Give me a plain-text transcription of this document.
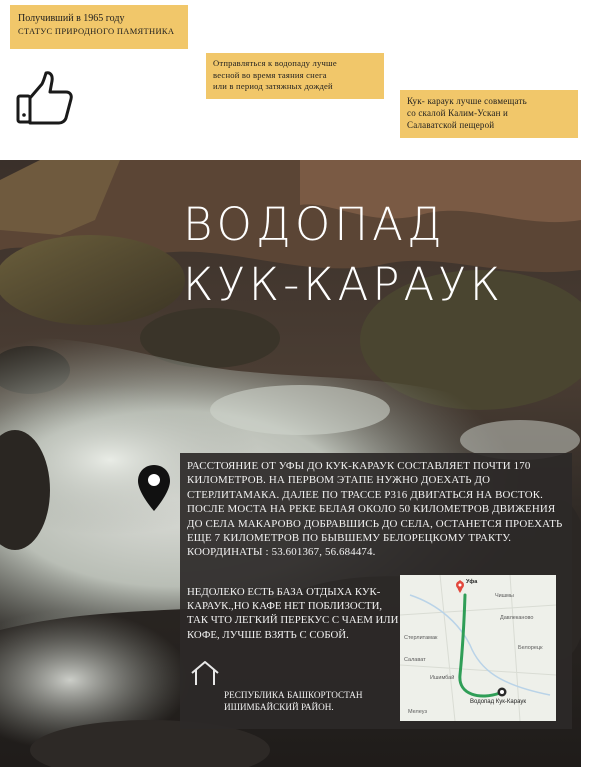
Получивший в 1965 году
СТАТУС ПРИРОДНОГО ПАМЯТНИКА
Отправляться к водопаду лучше
весной во время таяния снега
или в период затяжных дождей
Кук- караук лучше совмещать
со скалой Калим-Ускан и
Салаватской пещерой
ВОДОПАД
КУК-КАРАУК
РАССТОЯНИЕ ОТ УФЫ ДО КУК-КАРАУК СОСТАВЛЯЕТ ПОЧТИ 170 КИЛОМЕТРОВ. НА ПЕРВОМ ЭТАПЕ НУЖНО ДОЕХАТЬ ДО СТЕРЛИТАМАКА. ДАЛЕЕ ПО ТРАССЕ Р316 ДВИГАТЬСЯ НА ВОСТОК. ПОСЛЕ МОСТА НА РЕКЕ БЕЛАЯ ОКОЛО 50 КИЛОМЕТРОВ ДВИЖЕНИЯ ДО СЕЛА МАКАРОВО ДОБРАВШИСЬ ДО СЕЛА, ОСТАНЕТСЯ ПРОЕХАТЬ ЕЩЕ 7 КИЛОМЕТРОВ ПО БЫВШЕМУ БЕЛОРЕЦКОМУ ТРАКТУ. КООРДИНАТЫ : 53.601367, 56.684474.
НЕДОЛЕКО ЕСТЬ БАЗА ОТДЫХА КУК-КАРАУК.,НО КАФЕ НЕТ ПОБЛИЗОСТИ, ТАК ЧТО ЛЕГКИЙ ПЕРЕКУС С ЧАЕМ ИЛИ КОФЕ, ЛУЧШЕ ВЗЯТЬ С СОБОЙ.
РЕСПУБЛИКА БАШКОРТОСТАН
ИШИМБАЙСКИЙ РАЙОН.
Уфа
Водопад Кук-Караук
Чишмы
Давлеканово
Стерлитамак
Салават
Ишимбай
Мелеуз
Белорецк
